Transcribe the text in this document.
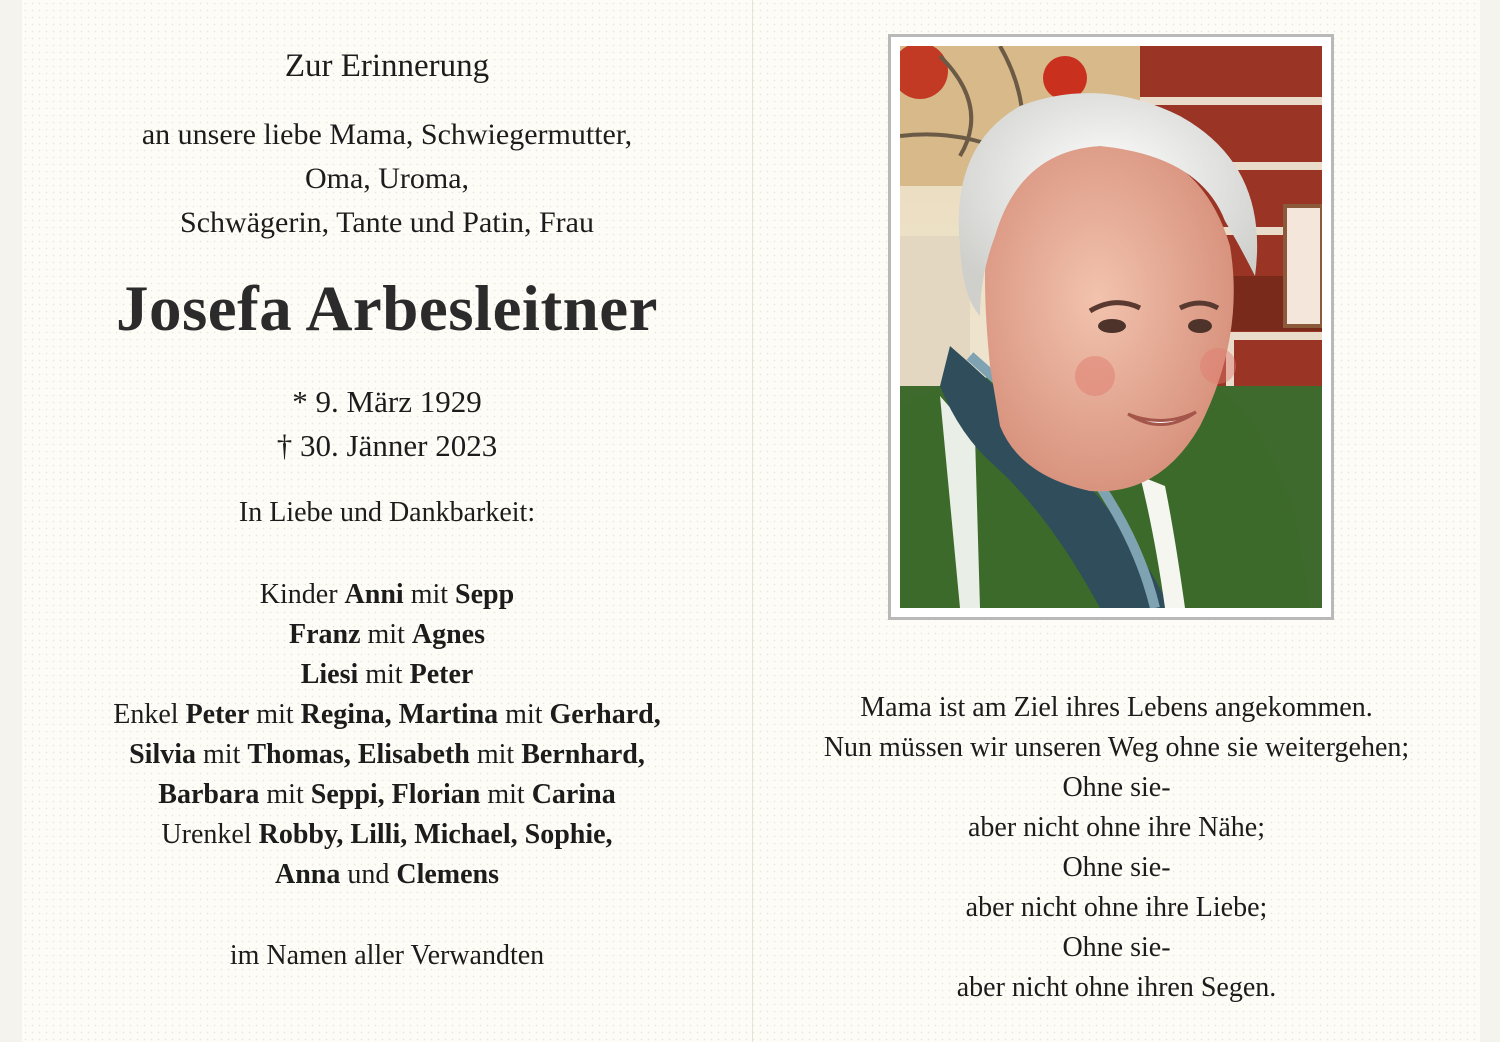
Zur Erinnerung
an unsere liebe Mama, Schwiegermutter,
Oma, Uroma,
Schwägerin, Tante und Patin, Frau
Josefa Arbesleitner
* 9. März 1929
† 30. Jänner 2023
In Liebe und Dankbarkeit:
Kinder Anni mit Sepp
Franz mit Agnes
Liesi mit Peter
Enkel Peter mit Regina, Martina mit Gerhard,
Silvia mit Thomas, Elisabeth mit Bernhard,
Barbara mit Seppi, Florian mit Carina
Urenkel Robby, Lilli, Michael, Sophie,
Anna und Clemens
im Namen aller Verwandten
Mama ist am Ziel ihres Lebens angekommen.
Nun müssen wir unseren Weg ohne sie weitergehen;
Ohne sie-
aber nicht ohne ihre Nähe;
Ohne sie-
aber nicht ohne ihre Liebe;
Ohne sie-
aber nicht ohne ihren Segen.
